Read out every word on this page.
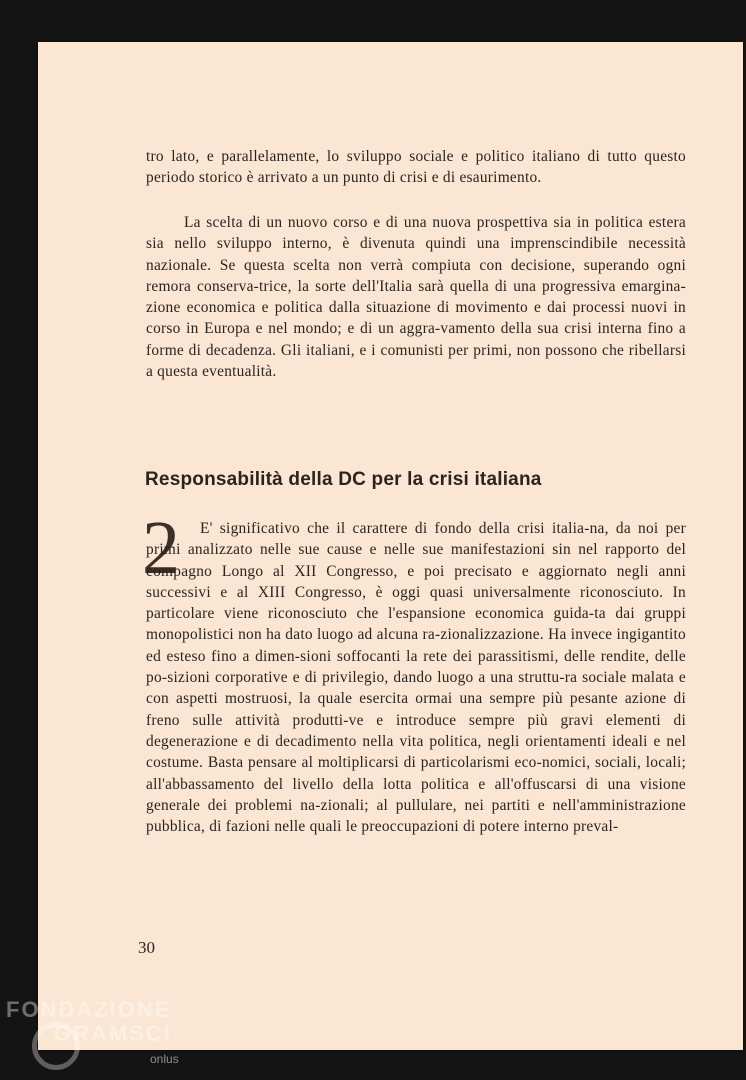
tro lato, e parallelamente, lo sviluppo sociale e politico italiano di tutto questo periodo storico è arrivato a un punto di crisi e di esaurimento.
La scelta di un nuovo corso e di una nuova prospettiva sia in politica estera sia nello sviluppo interno, è divenuta quindi una imprenscindibile necessità nazionale. Se questa scelta non verrà compiuta con decisione, superando ogni remora conserva-trice, la sorte dell'Italia sarà quella di una progressiva emargina-zione economica e politica dalla situazione di movimento e dai processi nuovi in corso in Europa e nel mondo; e di un aggra-vamento della sua crisi interna fino a forme di decadenza. Gli italiani, e i comunisti per primi, non possono che ribellarsi a questa eventualità.
Responsabilità della DC per la crisi italiana
2	E' significativo che il carattere di fondo della crisi italia-na, da noi per primi analizzato nelle sue cause e nelle sue manifestazioni sin nel rapporto del compagno Longo al XII Congresso, e poi precisato e aggiornato negli anni successivi e al XIII Congresso, è oggi quasi universalmente riconosciuto. In particolare viene riconosciuto che l'espansione economica guida-ta dai gruppi monopolistici non ha dato luogo ad alcuna ra-zionalizzazione. Ha invece ingigantito ed esteso fino a dimen-sioni soffocanti la rete dei parassitismi, delle rendite, delle po-sizioni corporative e di privilegio, dando luogo a una struttu-ra sociale malata e con aspetti mostruosi, la quale esercita ormai una sempre più pesante azione di freno sulle attività produtti-ve e introduce sempre più gravi elementi di degenerazione e di decadimento nella vita politica, negli orientamenti ideali e nel costume. Basta pensare al moltiplicarsi di particolarismi eco-nomici, sociali, locali; all'abbassamento del livello della lotta politica e all'offuscarsi di una visione generale dei problemi na-zionali; al pullulare, nei partiti e nell'amministrazione pubblica, di fazioni nelle quali le preoccupazioni di potere interno preval-
30
FONDAZIONE
GRAMSCI
onlus
